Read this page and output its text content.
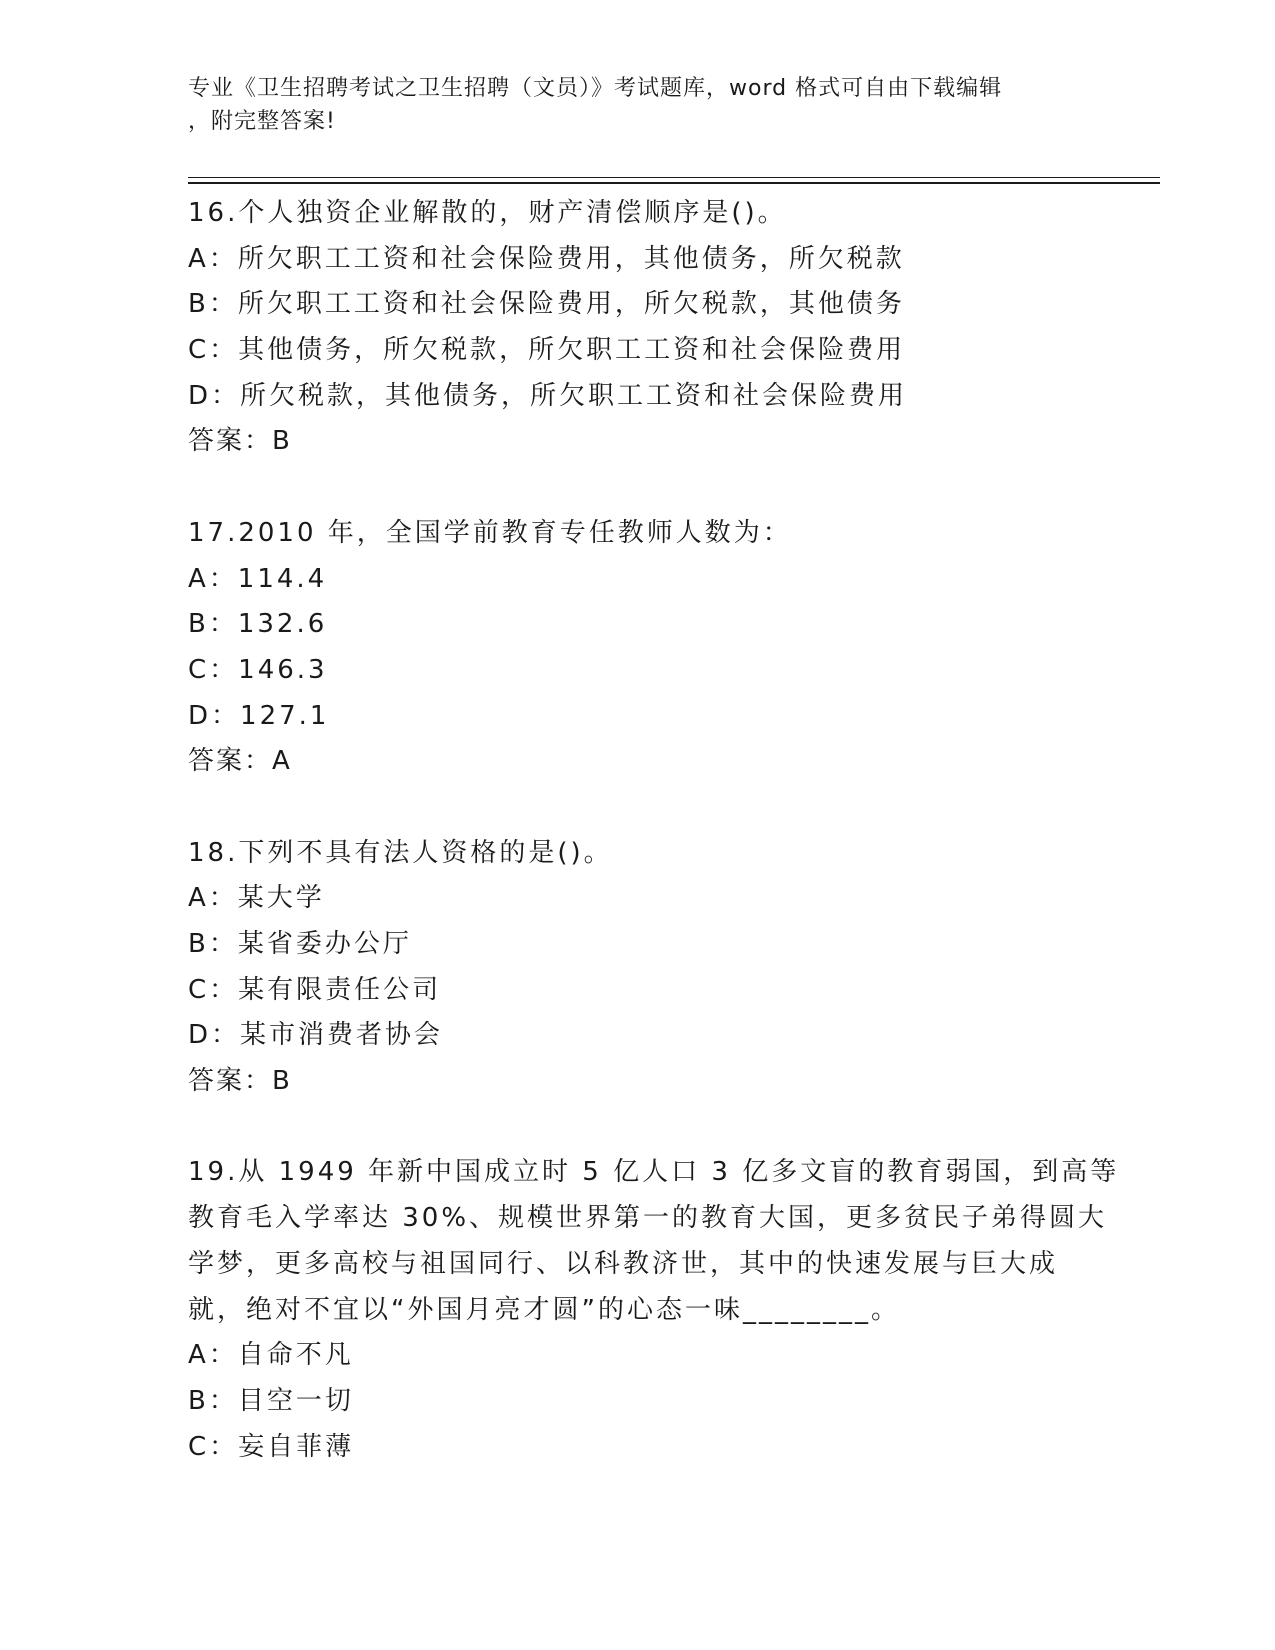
专业《卫生招聘考试之卫生招聘（文员）》考试题库，word 格式可自由下载编辑
，附完整答案!
16.个人独资企业解散的，财产清偿顺序是()。
A：所欠职工工资和社会保险费用，其他债务，所欠税款
B：所欠职工工资和社会保险费用，所欠税款，其他债务
C：其他债务，所欠税款，所欠职工工资和社会保险费用
D：所欠税款，其他债务，所欠职工工资和社会保险费用
答案：B
17.2010 年，全国学前教育专任教师人数为：
A：114.4
B：132.6
C：146.3
D：127.1
答案：A
18.下列不具有法人资格的是()。
A：某大学
B：某省委办公厅
C：某有限责任公司
D：某市消费者协会
答案：B
19.从 1949 年新中国成立时 5 亿人口 3 亿多文盲的教育弱国，到高等
教育毛入学率达 30%、规模世界第一的教育大国，更多贫民子弟得圆大
学梦，更多高校与祖国同行、以科教济世，其中的快速发展与巨大成
就，绝对不宜以“外国月亮才圆”的心态一味________。
A：自命不凡
B：目空一切
C：妄自菲薄
